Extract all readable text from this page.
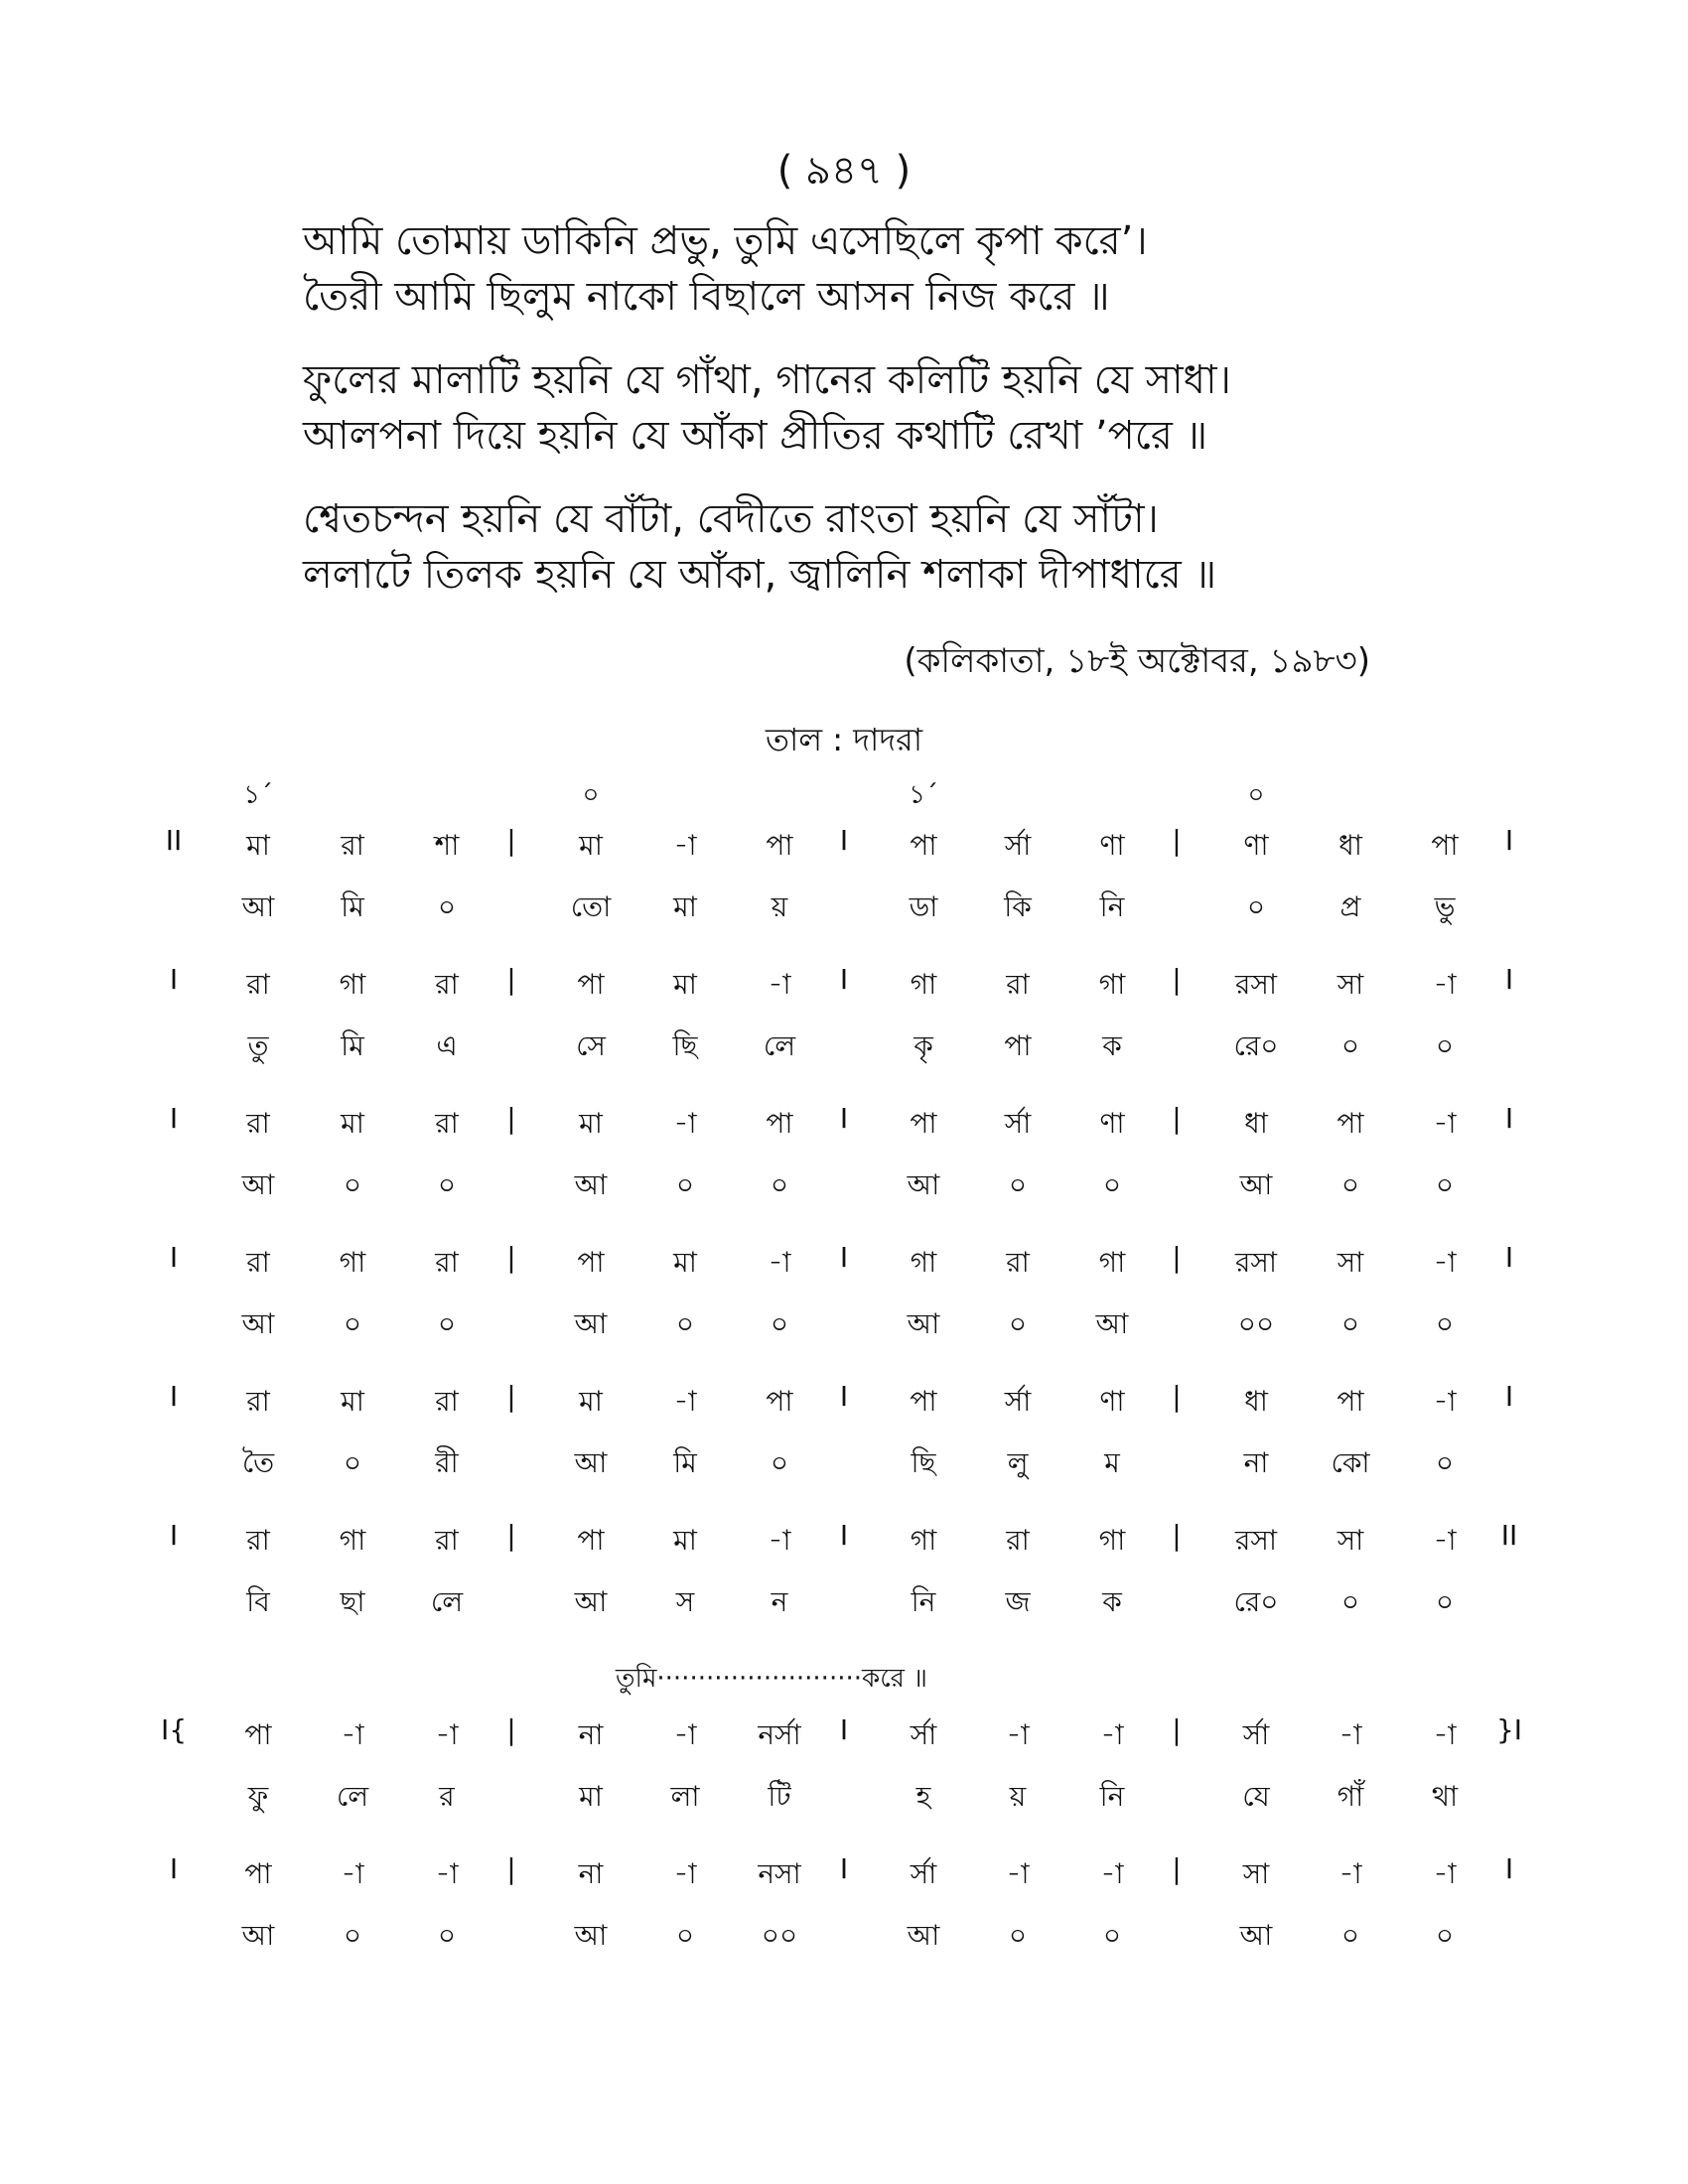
( ৯৪৭ )
আমি তোমায় ডাকিনি প্রভু, তুমি এসেছিলে কৃপা করে’।
তৈরী আমি ছিলুম নাকো বিছালে আসন নিজ করে ॥
ফুলের মালাটি হয়নি যে গাঁথা, গানের কলিটি হয়নি যে সাধা।
আলপনা দিয়ে হয়নি যে আঁকা প্রীতির কথাটি রেখা ’পরে ॥
শ্বেতচন্দন হয়নি যে বাঁটা, বেদীতে রাংতা হয়নি যে সাঁটা।
ললাটে তিলক হয়নি যে আঁকা, জ্বালিনি শলাকা দীপাধারে ॥
(কলিকাতা, ১৮ই অক্টোবর, ১৯৮৩)
তাল : দাদরা
১´	০	১´	০
II	|	I	|	I
মা	রা	শা	মা	-া	পা	পা	র্সা	ণা	ণা	ধা	পা
আ	মি	০	তো	মা	য়	ডা	কি	নি	০	প্র	ভু
I	|	I	|	I
রা	গা	রা	পা	মা	-া	গা	রা	গা	রসা	সা	-া
তু	মি	এ	সে	ছি	লে	কৃ	পা	ক	রে০	০	০
I	|	I	|	I
রা	মা	রা	মা	-া	পা	পা	র্সা	ণা	ধা	পা	-া
আ	০	০	আ	০	০	আ	০	০	আ	০	০
I	|	I	|	I
রা	গা	রা	পা	মা	-া	গা	রা	গা	রসা	সা	-া
আ	০	০	আ	০	০	আ	০	আ	০০	০	০
I	|	I	|	I
রা	মা	রা	মা	-া	পা	পা	র্সা	ণা	ধা	পা	-া
তৈ	০	রী	আ	মি	০	ছি	লু	ম	না	কো	০
I	|	I	|	II
রা	গা	রা	পা	মা	-া	গা	রা	গা	রসা	সা	-া
বি	ছা	লে	আ	স	ন	নি	জ	ক	রে০	০	০
তুমি·························করে ॥
I{	|	I	|	}I
পা	-া	-া	না	-া	নর্সা	র্সা	-া	-া	র্সা	-া	-া
ফু	লে	র	মা	লা	টি	হ	য়	নি	যে	গাঁ	থা
I	|	I	|	I
পা	-া	-া	না	-া	নসা	র্সা	-া	-া	সা	-া	-া
আ	০	০	আ	০	০০	আ	০	০	আ	০	০
